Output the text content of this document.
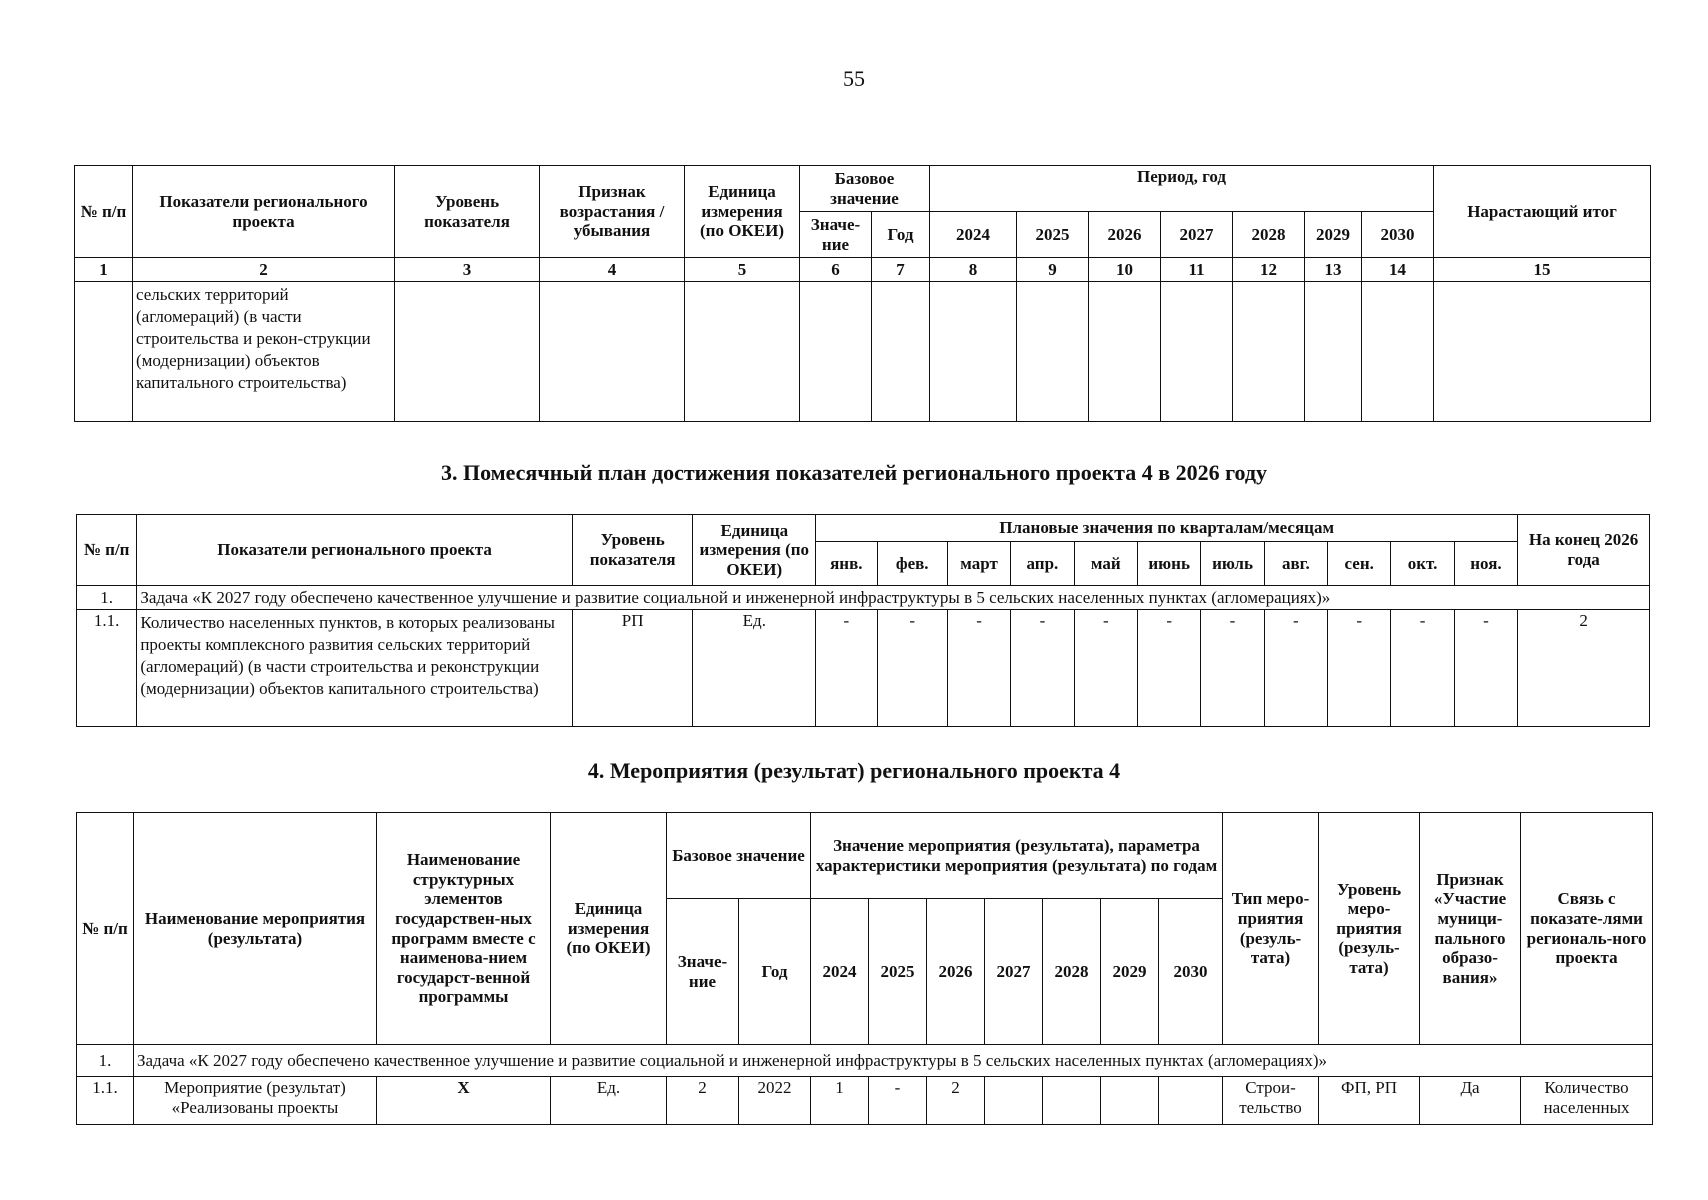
55
№ п/п	Показатели регионального проекта	Уровень показателя	Признак возрастания / убывания	Единица измерения (по ОКЕИ)	Базовое значение		Период, год							Нарастающий итог
					Значе-ние	Год	2024	2025	2026	2027	2028	2029	2030	
1	2	3	4	5	6	7	8	9	10	11	12	13	14	15
	сельских территорий (агломераций) (в части строительства и рекон-струкции (модернизации) объектов капитального строительства)													
3. Помесячный план достижения показателей регионального проекта 4 в 2026 году
№ п/п	Показатели регионального проекта	Уровень показателя	Единица измерения (по ОКЕИ)	Плановые значения по кварталам/месяцам											На конец 2026 года
				янв.	фев.	март	апр.	май	июнь	июль	авг.	сен.	окт.	ноя.	
1.	Задача «К 2027 году обеспечено качественное улучшение и развитие социальной и инженерной инфраструктуры в 5 сельских населенных пунктах (агломерациях)»														
1.1.	Количество населенных пунктов, в которых реализованы проекты комплексного развития сельских территорий (агломераций) (в части строительства и реконструкции (модернизации) объектов капитального строительства)	РП	Ед.	-	-	-	-	-	-	-	-	-	-	-	2
4. Мероприятия (результат) регионального проекта 4
№ п/п	Наименование мероприятия (результата)	Наименование структурных элементов государствен-ных программ вместе с наименова-нием государст-венной программы	Единица измерения (по ОКЕИ)	Базовое значение		Значение мероприятия (результата), параметра характеристики мероприятия (результата) по годам							Тип меро-приятия (резуль-тата)	Уровень меро-приятия (резуль-тата)	Признак «Участие муници-пального образо-вания»	Связь с показате-лями региональ-ного проекта
				Значе-ние	Год	2024	2025	2026	2027	2028	2029	2030				
1.	Задача «К 2027 году обеспечено качественное улучшение и развитие социальной и инженерной инфраструктуры в 5 сельских населенных пунктах (агломерациях)»															
1.1.	Мероприятие (результат) «Реализованы проекты	X	Ед.	2	2022	1	-	2					Строи-тельство	ФП, РП	Да	Количество населенных
